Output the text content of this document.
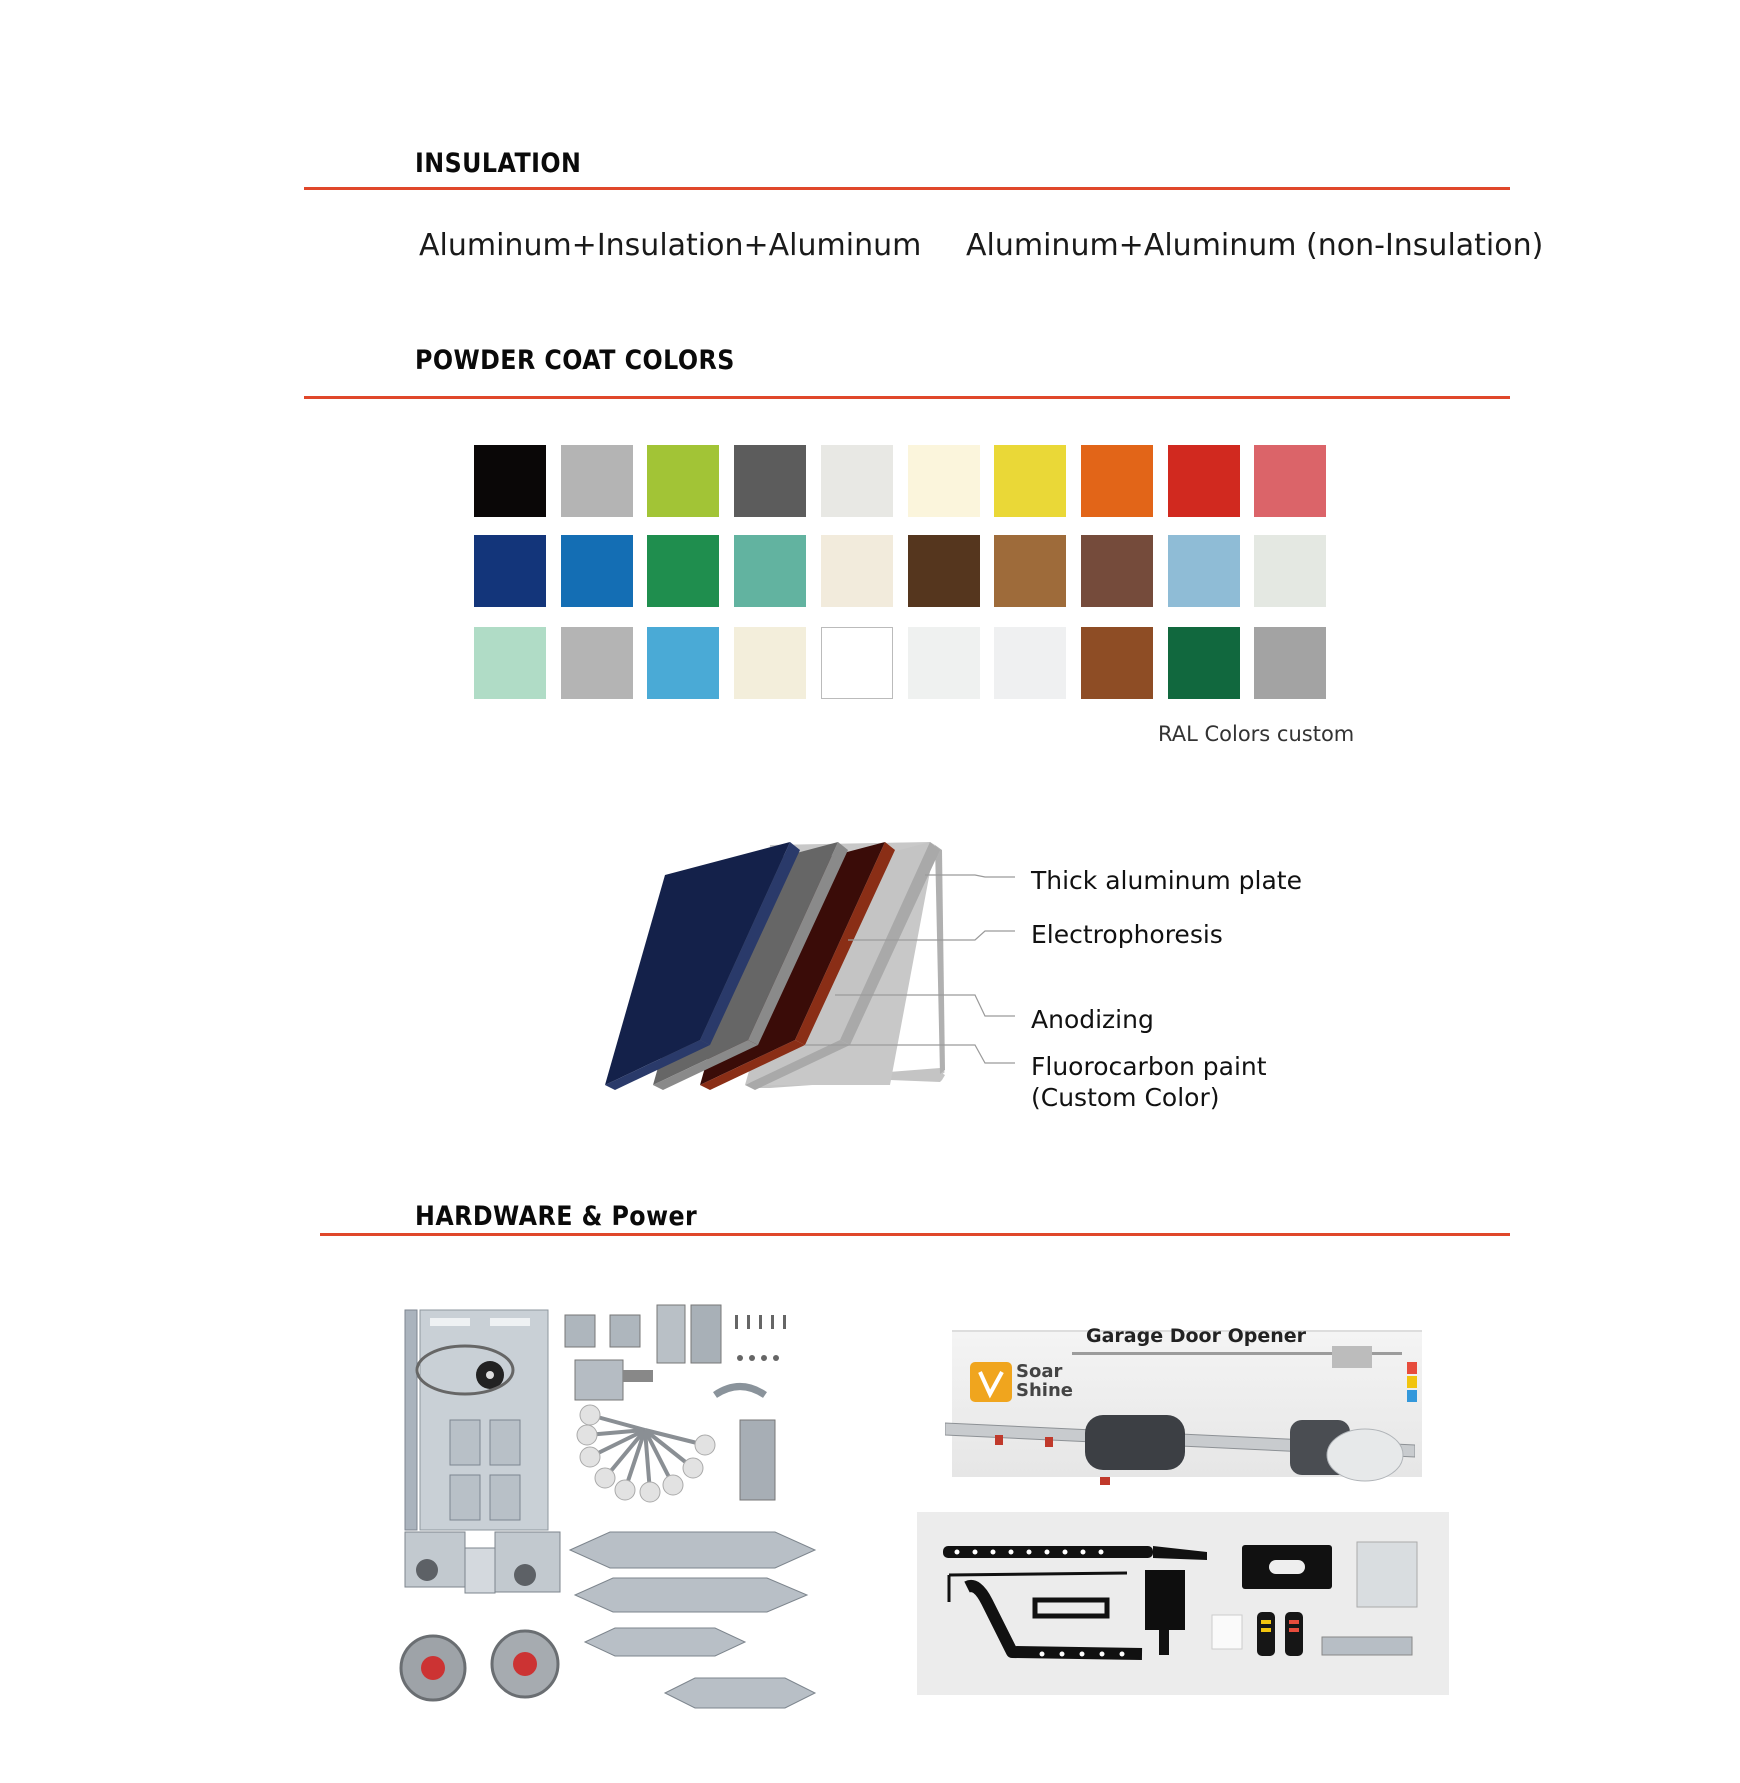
INSULATION
Aluminum+Insulation+Aluminum Aluminum+Aluminum (non-Insulation)
POWDER COAT COLORS
RAL Colors custom
Thick aluminum plate
Electrophoresis
Anodizing
Fluorocarbon paint
(Custom Color)
HARDWARE & Power
Soar Shine
Garage Door Opener
